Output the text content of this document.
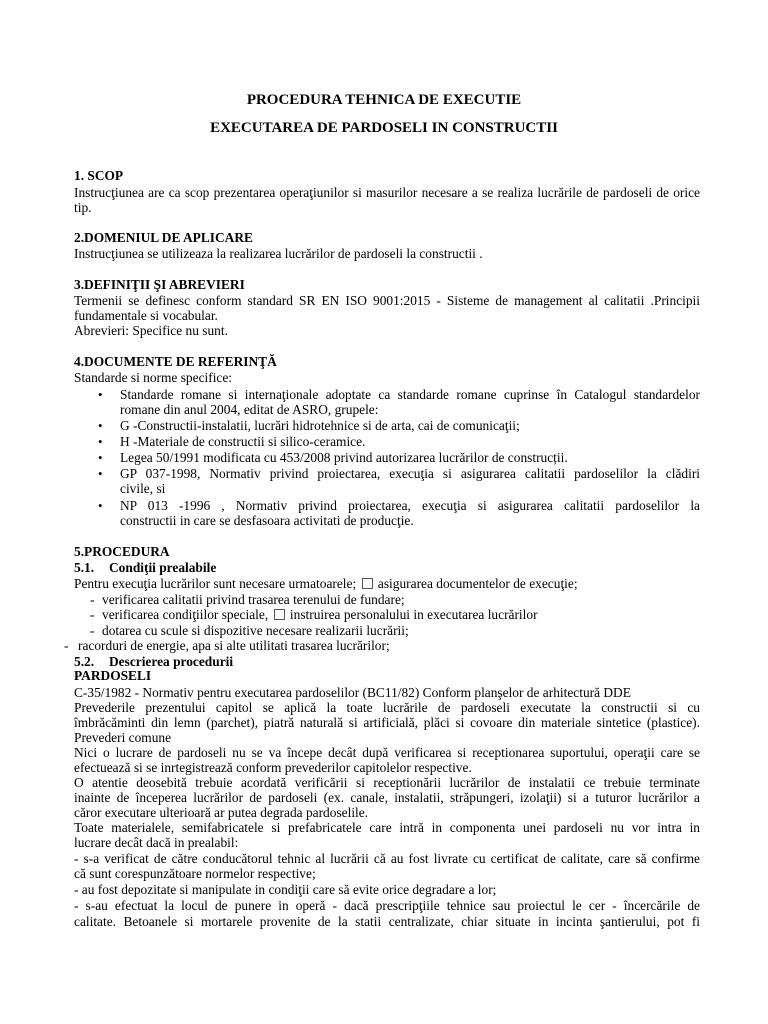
PROCEDURA TEHNICA DE EXECUTIE
EXECUTAREA DE PARDOSELI IN CONSTRUCTII
1. SCOP
Instrucţiunea are ca scop prezentarea operaţiunilor si masurilor necesare a se realiza lucrările de pardoseli de orice
tip.
2.DOMENIUL DE APLICARE
Instrucţiunea se utilizeaza la realizarea lucrărilor de pardoseli la constructii .
3.DEFINIŢII ŞI ABREVIERI
Termenii se definesc conform standard SR EN ISO 9001:2015 - Sisteme de management al calitatii .Principii
fundamentale si vocabular.
Abrevieri: Specifice nu sunt.
4.DOCUMENTE DE REFERINŢĂ
Standarde si norme specifice:
• Standarde romane si internaţionale adoptate ca standarde romane cuprinse în Catalogul standardelor
romane din anul 2004, editat de ASRO, grupele:
• G -Constructii-instalatii, lucrări hidrotehnice si de arta, cai de comunicaţii;
• H -Materiale de constructii si silico-ceramice.
• Legea 50/1991 modificata cu 453/2008 privind autorizarea lucrărilor de construcții.
• GP 037-1998, Normativ privind proiectarea, execuţia si asigurarea calitatii pardoselilor la clădiri
civile, si
• NP 013 -1996 , Normativ privind proiectarea, execuţia si asigurarea calitatii pardoselilor la
constructii in care se desfasoara activitati de producţie.
5.PROCEDURA
5.1. Condiţii prealabile
Pentru execuţia lucrărilor sunt necesare urmatoarele; asigurarea documentelor de execuţie;
- verificarea calitatii privind trasarea terenului de fundare;
- verificarea condiţiilor speciale, instruirea personalului in executarea lucrărilor
- dotarea cu scule si dispozitive necesare realizarii lucrării;
- racorduri de energie, apa si alte utilitati trasarea lucrărilor;
5.2. Descrierea procedurii
PARDOSELI
C-35/1982 - Normativ pentru executarea pardoselilor (BC11/82) Conform planşelor de arhitectură DDE
Prevederile prezentului capitol se aplică la toate lucrările de pardoseli executate la constructii si cu
îmbrăcăminti din lemn (parchet), piatră naturală si artificială, plăci si covoare din materiale sintetice (plastice).
Prevederi comune
Nici o lucrare de pardoseli nu se va începe decât după verificarea si receptionarea suportului, operaţii care se
efectuează si se inrtegistrează conform prevederilor capitolelor respective.
O atentie deosebită trebuie acordată verificării si receptionării lucrărilor de instalatii ce trebuie terminate
inainte de începerea lucrărilor de pardoseli (ex. canale, instalatii, străpungeri, izolaţii) si a tuturor lucrărilor a
căror executare ulterioară ar putea degrada pardoselile.
Toate materialele, semifabricatele si prefabricatele care intră in componenta unei pardoseli nu vor intra in
lucrare decât dacă in prealabil:
- s-a verificat de către conducătorul tehnic al lucrării că au fost livrate cu certificat de calitate, care să confirme
că sunt corespunzătoare normelor respective;
- au fost depozitate si manipulate in condiţii care să evite orice degradare a lor;
- s-au efectuat la locul de punere in operă - dacă prescripţiile tehnice sau proiectul le cer - încercările de
calitate. Betoanele si mortarele provenite de la statii centralizate, chiar situate in incinta şantierului, pot fi
